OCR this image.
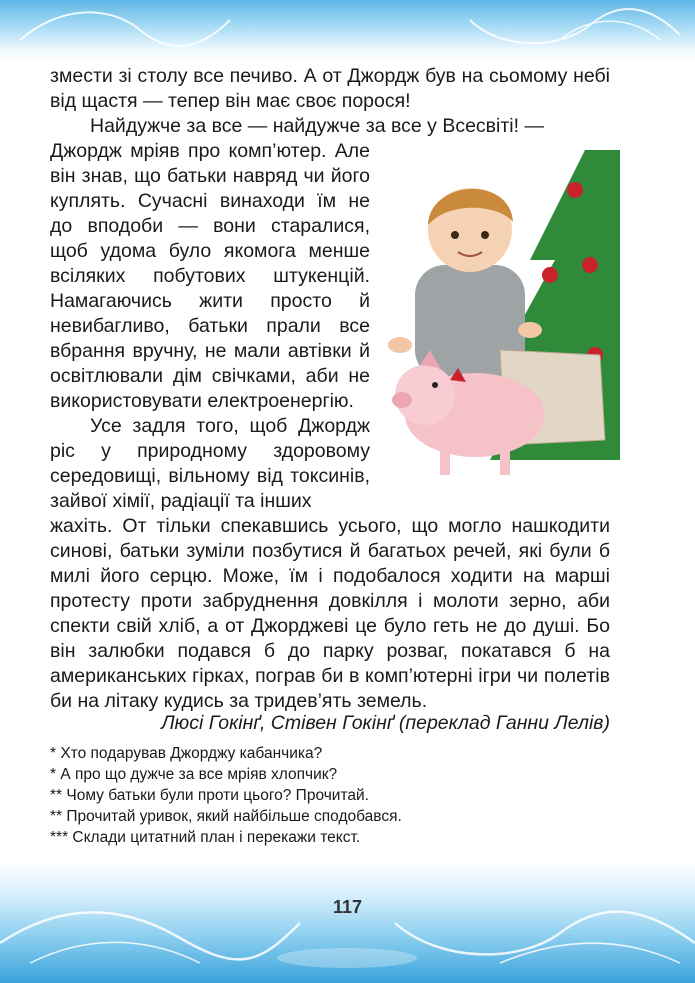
змести зі столу все печиво. А от Джордж був на сьомому небі від щастя — тепер він має своє порося!

Найдужче за все — найдужче за все у Всесвіті! —

Джордж мріяв про комп’ютер. Але він знав, що батьки навряд чи його куплять. Сучасні винаходи їм не до вподоби — вони старалися, щоб удома було якомога менше всіляких побутових штукенцій. Намагаючись жити просто й невибагливо, батьки прали все вбрання вручну, не мали автівки й освітлювали дім свічками, аби не використовувати електроенергію.

Усе задля того, щоб Джордж ріс у природному здоровому середовищі, вільному від токсинів, зайвої хімії, радіації та інших

жахіть. От тільки спекавшись усього, що могло нашкодити синові, батьки зуміли позбутися й багатьох речей, які були б милі його серцю. Може, їм і подобалося ходити на марші протесту проти забруднення довкілля і молоти зерно, аби спекти свій хліб, а от Джорджеві це було геть не до душі. Бо він залюбки подався б до парку розваг, покатався б на американських гірках, пограв би в комп’ютерні ігри чи полетів би на літаку кудись за тридев’ять земель.

Люсі Гокінґ, Стівен Гокінґ (переклад Ганни Лелів)
* Хто подарував Джорджу кабанчика?
* А про що дужче за все мріяв хлопчик?
** Чому батьки були проти цього? Прочитай.
** Прочитай уривок, який найбільше сподобався.
*** Склади цитатний план і перекажи текст.
117
